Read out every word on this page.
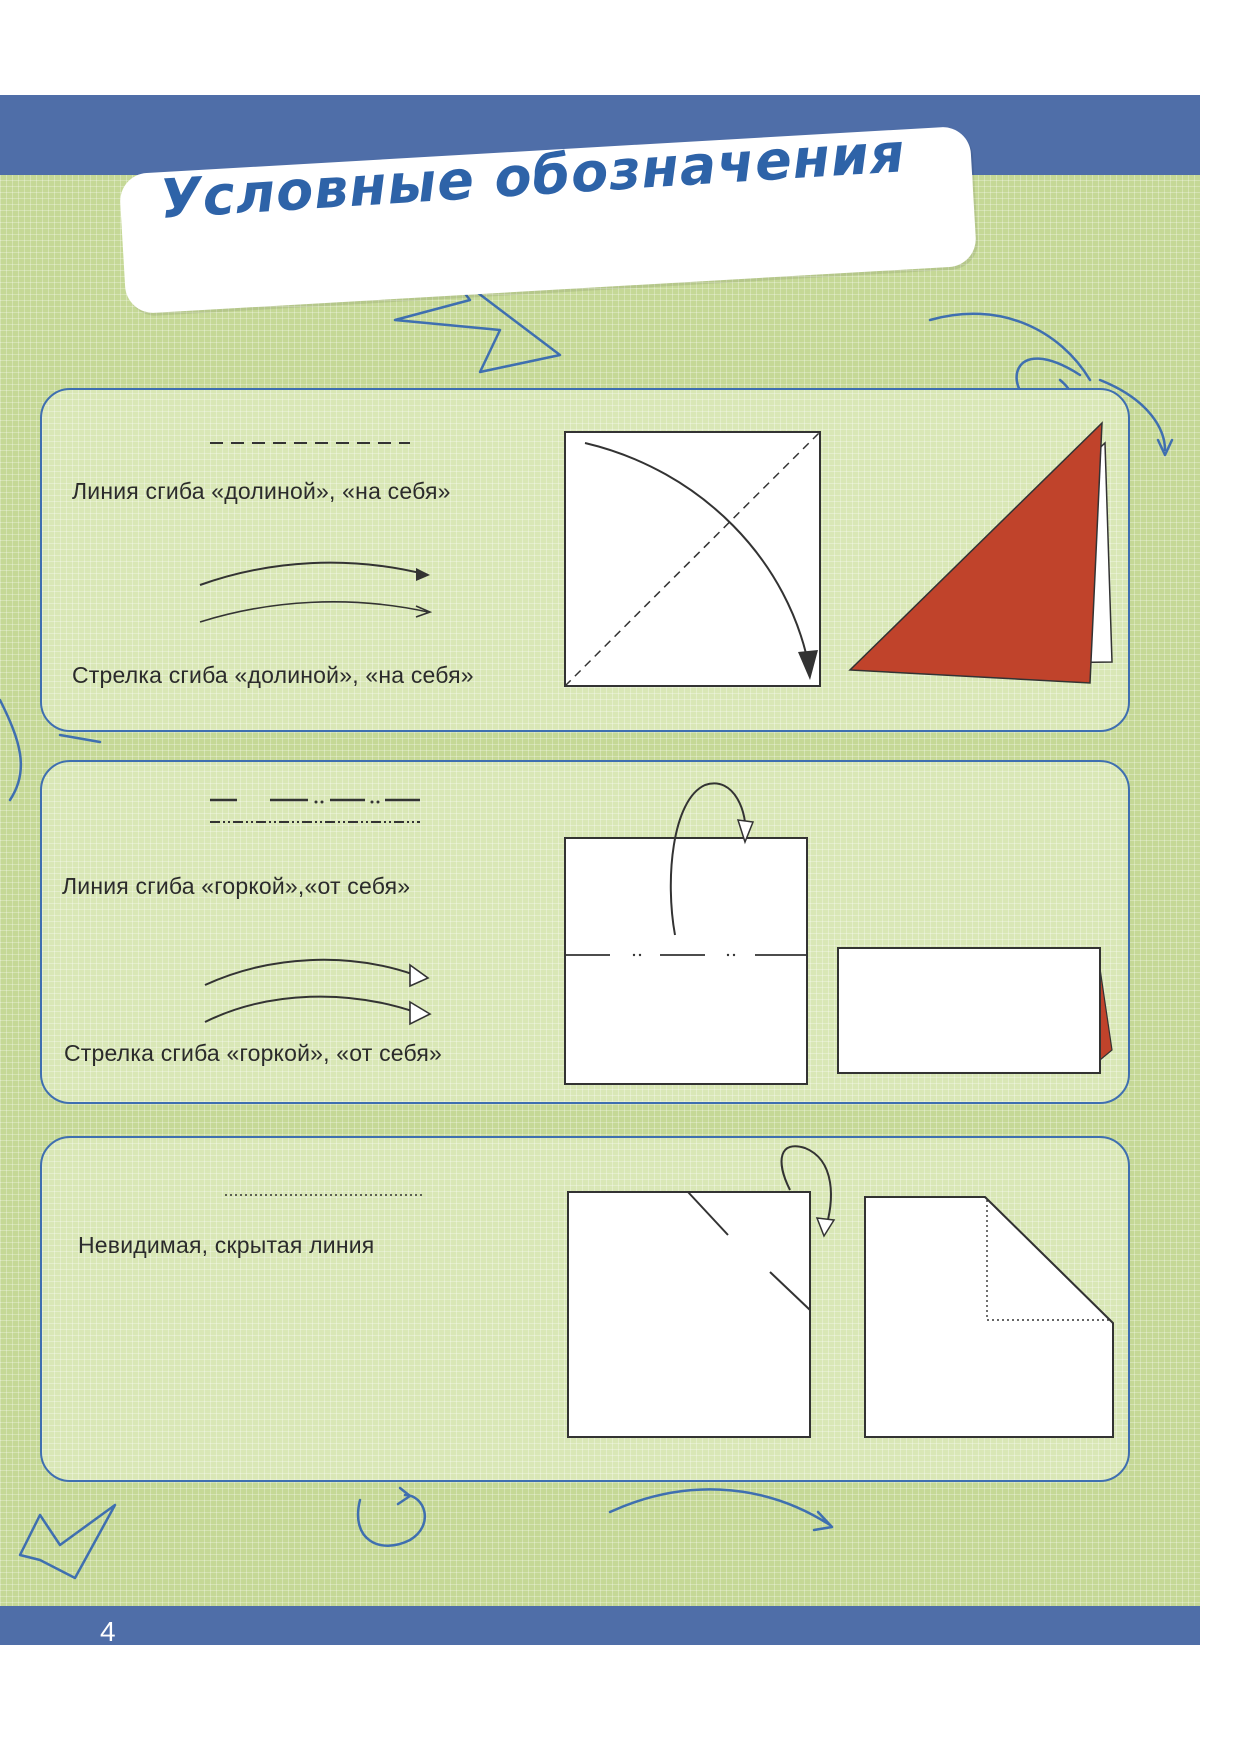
4
Условные обозначения
Линия сгиба «долиной», «на себя»
Стрелка сгиба «долиной», «на себя»
Линия сгиба «горкой»,«от себя»
Стрелка сгиба «горкой», «от себя»
Невидимая, скрытая линия
